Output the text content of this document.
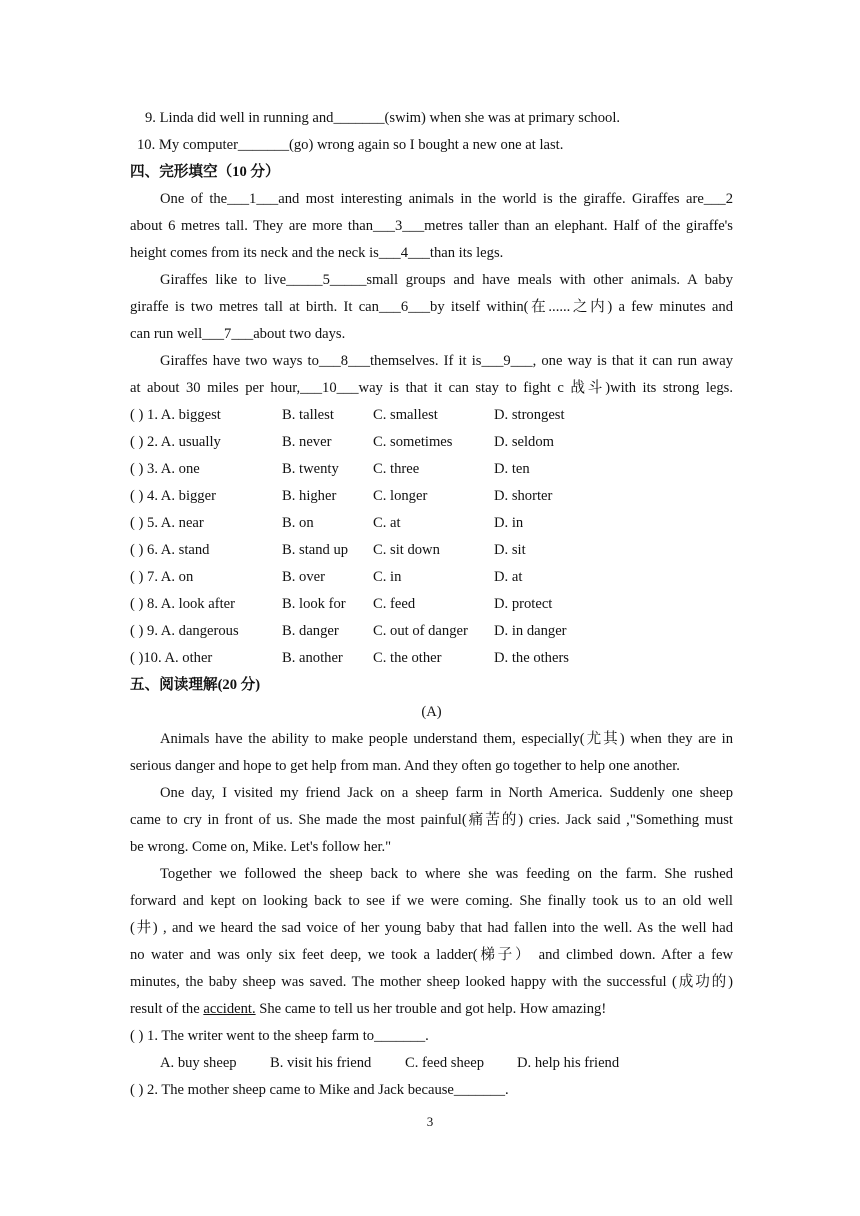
9. Linda did well in running and_______(swim) when she was at primary school.
10. My computer_______(go) wrong again so I bought a new one at last.
四、完形填空（10 分）
One of the___1___and most interesting animals in the world is the giraffe. Giraffes are___2
about 6 metres tall. They are more than___3___metres taller than an elephant. Half of the giraffe's
height comes from its neck and the neck is___4___than its legs.
Giraffes like to live_____5_____small groups and have meals with other animals. A baby
giraffe is two metres tall at birth. It can___6___by itself within(在......之内) a few minutes and
can run well___7___about two days.
Giraffes have two ways to___8___themselves. If it is___9___, one way is that it can run away
at about 30 miles per hour,___10___way is that it can stay to fight c 战斗)with its strong legs.
( ) 1. A. biggest	B. tallest	C. smallest	D. strongest
( ) 2. A. usually	B. never	C. sometimes	D. seldom
( ) 3. A. one	B. twenty C. three	D. ten
( ) 4. A. bigger	B. higher	C. longer	D. shorter
( ) 5. A. near	B. on	C. at	D. in
( ) 6. A. stand	B. stand up C. sit down	D. sit
( ) 7. A. on	B. over	C. in	D. at
( ) 8. A. look after	B. look for C. feed	D. protect
( ) 9. A. dangerous	B. danger C. out of danger D. in danger
( )10. A. other	B. another C. the other	D. the others
五、阅读理解(20 分)
(A)
Animals have the ability to make people understand them, especially(尤其) when they are in
serious danger and hope to get help from man. And they often go together to help one another.
One day, I visited my friend Jack on a sheep farm in North America. Suddenly one sheep
came to cry in front of us. She made the most painful(痛苦的) cries. Jack said ,"Something must
be wrong. Come on, Mike. Let's follow her."
Together we followed the sheep back to where she was feeding on the farm. She rushed
forward and kept on looking back to see if we were coming. She finally took us to an old well
(井) , and we heard the sad voice of her young baby that had fallen into the well. As the well had
no water and was only six feet deep, we took a ladder(梯子） and climbed down. After a few
minutes, the baby sheep was saved. The mother sheep looked happy with the successful (成功的)
result of the accident. She came to tell us her trouble and got help. How amazing!
( ) 1. The writer went to the sheep farm to_______.
A. buy sheep B. visit his friend C. feed sheep D. help his friend
( ) 2. The mother sheep came to Mike and Jack because_______.
3
